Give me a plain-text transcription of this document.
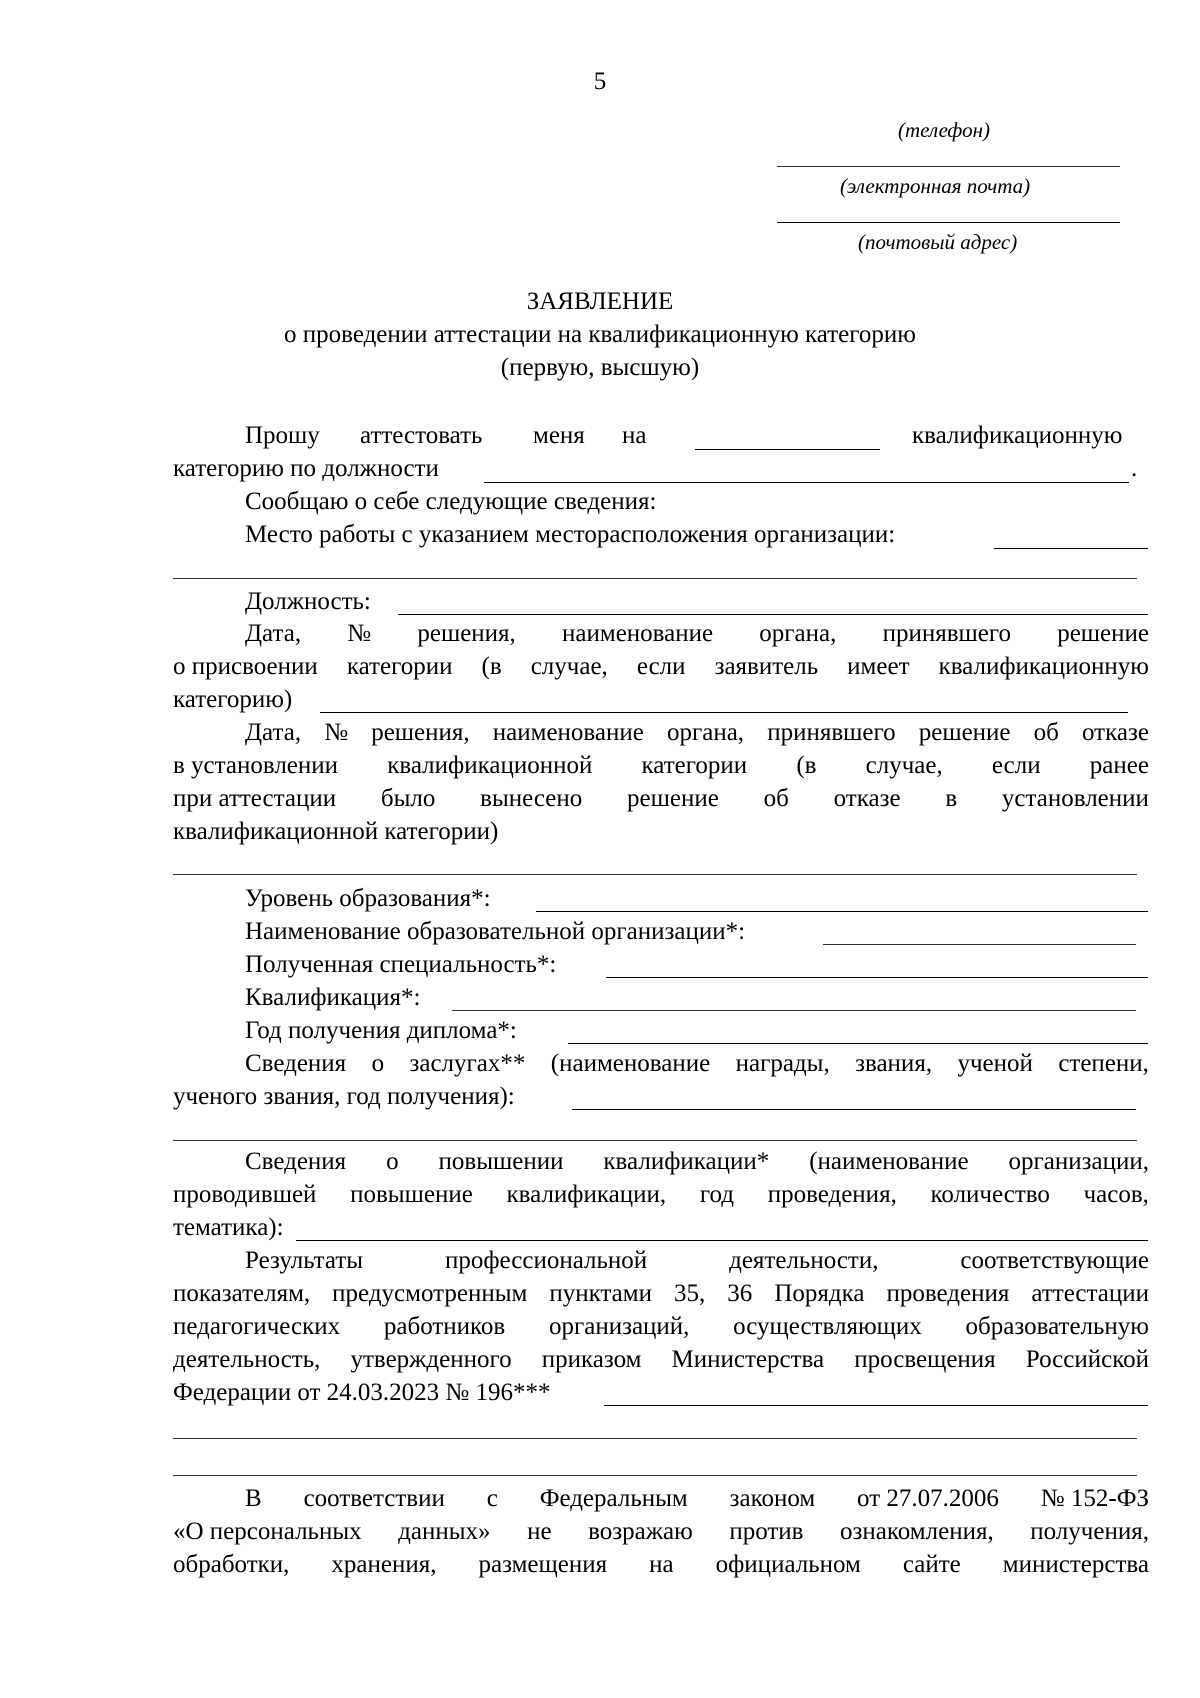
5
(телефон)
(электронная почта)
(почтовый адрес)
ЗАЯВЛЕНИЕ
о проведении аттестации на квалификационную категорию
(первую, высшую)
Прошу аттестовать меня на	квалификационную
категорию по должности	.
Сообщаю о себе следующие сведения:
Место работы с указанием месторасположения организации:
Должность:
Дата, № решения, наименование органа, принявшего решение
о присвоении категории (в случае, если заявитель имеет квалификационную
категорию)
Дата, № решения, наименование органа, принявшего решение об отказе
в установлении квалификационной категории (в случае, если ранее
при аттестации было вынесено решение об отказе в установлении
квалификационной категории)
Уровень образования*:
Наименование образовательной организации*:
Полученная специальность*:
Квалификация*:
Год получения диплома*:
Сведения о заслугах** (наименование награды, звания, ученой степени,
ученого звания, год получения):
Сведения о повышении квалификации* (наименование организации,
проводившей повышение квалификации, год проведения, количество часов,
тематика):
Результаты	профессиональной	деятельности,	соответствующие
показателям, предусмотренным пунктами 35, 36 Порядка проведения аттестации
педагогических работников организаций, осуществляющих образовательную
деятельность, утвержденного приказом Министерства просвещения Российской
Федерации от 24.03.2023 № 196***
В соответствии с Федеральным законом от 27.07.2006 № 152-ФЗ
«О персональных данных» не возражаю против ознакомления, получения,
обработки, хранения, размещения на официальном сайте министерства
